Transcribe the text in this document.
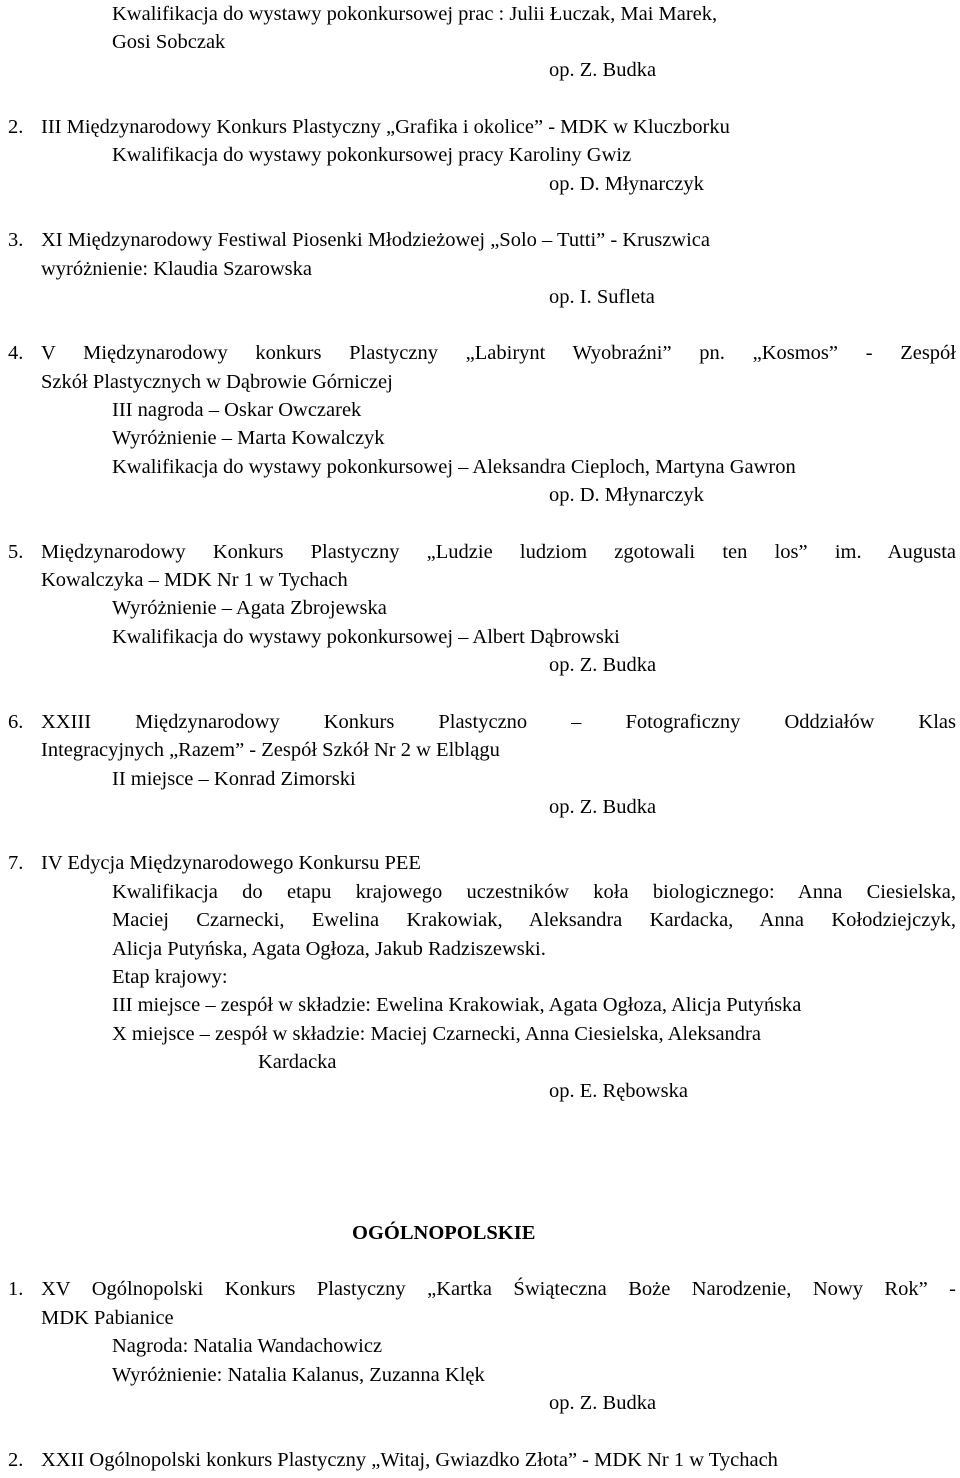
Kwalifikacja do wystawy pokonkursowej prac : Julii Łuczak, Mai Marek,

Gosi Sobczak

op. Z. Budka

2. III Międzynarodowy Konkurs Plastyczny „Grafika i okolice” - MDK w Kluczborku

Kwalifikacja do wystawy pokonkursowej pracy Karoliny Gwiz

op. D. Młynarczyk

3. XI Międzynarodowy Festiwal Piosenki Młodzieżowej „Solo – Tutti” - Kruszwica

wyróżnienie: Klaudia Szarowska

op. I. Sufleta

4. V Międzynarodowy konkurs Plastyczny „Labirynt Wyobraźni” pn. „Kosmos” - Zespół

Szkół Plastycznych w Dąbrowie Górniczej

III nagroda – Oskar Owczarek

Wyróżnienie – Marta Kowalczyk

Kwalifikacja do wystawy pokonkursowej – Aleksandra Cieploch, Martyna Gawron

op. D. Młynarczyk

5. Międzynarodowy Konkurs Plastyczny „Ludzie ludziom zgotowali ten los” im. Augusta

Kowalczyka – MDK Nr 1 w Tychach

Wyróżnienie – Agata Zbrojewska

Kwalifikacja do wystawy pokonkursowej – Albert Dąbrowski

op. Z. Budka

6. XXIII Międzynarodowy Konkurs Plastyczno – Fotograficzny Oddziałów Klas

Integracyjnych „Razem” - Zespół Szkół Nr 2 w Elblągu

II miejsce – Konrad Zimorski

op. Z. Budka

7. IV Edycja Międzynarodowego Konkursu PEE

Kwalifikacja do etapu krajowego uczestników koła biologicznego: Anna Ciesielska,

Maciej Czarnecki, Ewelina Krakowiak, Aleksandra Kardacka, Anna Kołodziejczyk,

Alicja Putyńska, Agata Ogłoza, Jakub Radziszewski.

Etap krajowy:

III miejsce – zespół w składzie: Ewelina Krakowiak, Agata Ogłoza, Alicja Putyńska

X miejsce – zespół w składzie: Maciej Czarnecki, Anna Ciesielska, Aleksandra

Kardacka

op. E. Rębowska

OGÓLNOPOLSKIE

1. XV Ogólnopolski Konkurs Plastyczny „Kartka Świąteczna Boże Narodzenie, Nowy Rok” -

MDK Pabianice

Nagroda: Natalia Wandachowicz

Wyróżnienie: Natalia Kalanus, Zuzanna Klęk

op. Z. Budka

2. XXII Ogólnopolski konkurs Plastyczny „Witaj, Gwiazdko Złota” - MDK Nr 1 w Tychach
